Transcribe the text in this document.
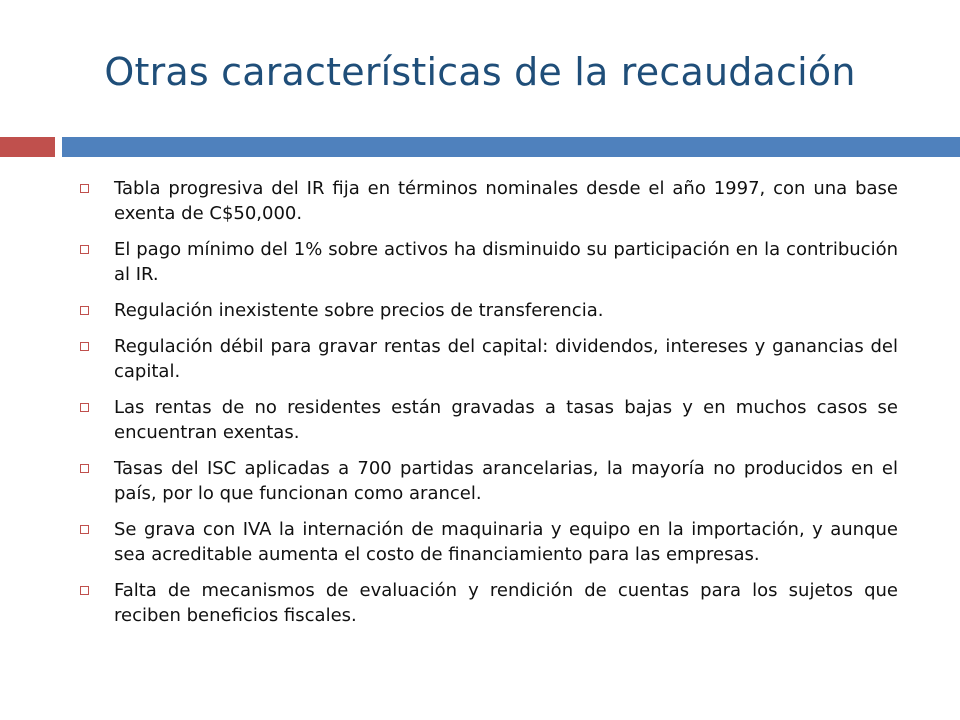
Otras características de la recaudación
Tabla progresiva del IR fija en términos nominales desde el año 1997, con una base exenta de C$50,000.
El pago mínimo del 1% sobre activos ha disminuido su participación en la contribución al IR.
Regulación inexistente sobre precios de transferencia.
Regulación débil para gravar rentas del capital: dividendos, intereses y ganancias del capital.
Las rentas de no residentes están gravadas a tasas bajas y en muchos casos se encuentran exentas.
Tasas del ISC aplicadas a 700 partidas arancelarias, la mayoría no producidos en el país, por lo que funcionan como arancel.
Se grava con IVA la internación de maquinaria y equipo en la importación, y aunque sea acreditable aumenta el costo de financiamiento para las empresas.
Falta de mecanismos de evaluación y rendición de cuentas para los sujetos que reciben beneficios fiscales.
